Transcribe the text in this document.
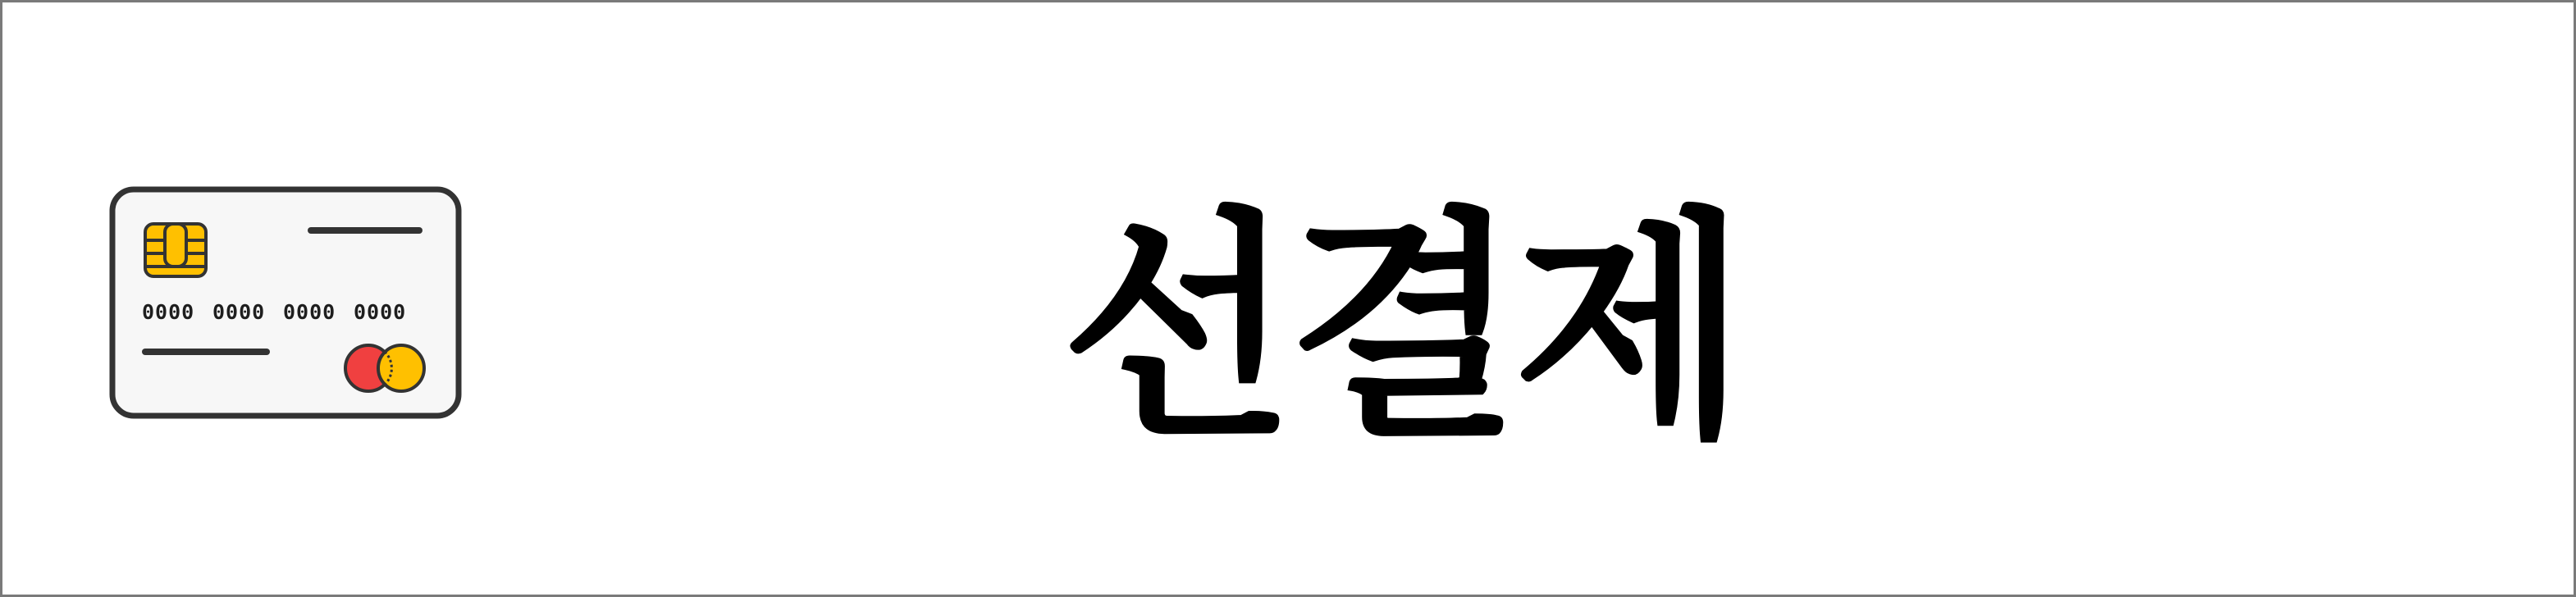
0000 0000 0000 0000	선결제
